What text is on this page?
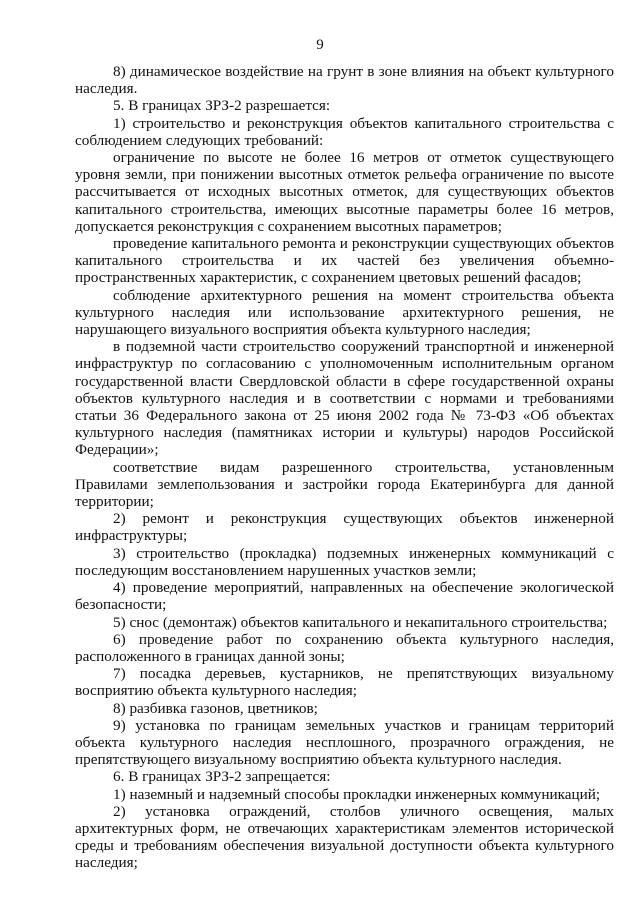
9

8) динамическое воздействие на грунт в зоне влияния на объект культурного наследия.

5. В границах ЗРЗ-2 разрешается:

1) строительство и реконструкция объектов капитального строительства с соблюдением следующих требований:

ограничение по высоте не более 16 метров от отметок существующего уровня земли, при понижении высотных отметок рельефа ограничение по высоте рассчитывается от исходных высотных отметок, для существующих объектов капитального строительства, имеющих высотные параметры более 16 метров, допускается реконструкция с сохранением высотных параметров;

проведение капитального ремонта и реконструкции существующих объектов капитального строительства и их частей без увеличения объемно-пространственных характеристик, с сохранением цветовых решений фасадов;

соблюдение архитектурного решения на момент строительства объекта культурного наследия или использование архитектурного решения, не нарушающего визуального восприятия объекта культурного наследия;

в подземной части строительство сооружений транспортной и инженерной инфраструктур по согласованию с уполномоченным исполнительным органом государственной власти Свердловской области в сфере государственной охраны объектов культурного наследия и в соответствии с нормами и требованиями статьи 36 Федерального закона от 25 июня 2002 года № 73-ФЗ «Об объектах культурного наследия (памятниках истории и культуры) народов Российской Федерации»;

соответствие видам разрешенного строительства, установленным Правилами землепользования и застройки города Екатеринбурга для данной территории;

2) ремонт и реконструкция существующих объектов инженерной инфраструктуры;

3) строительство (прокладка) подземных инженерных коммуникаций с последующим восстановлением нарушенных участков земли;

4) проведение мероприятий, направленных на обеспечение экологической безопасности;

5) снос (демонтаж) объектов капитального и некапитального строительства;

6) проведение работ по сохранению объекта культурного наследия, расположенного в границах данной зоны;

7) посадка деревьев, кустарников, не препятствующих визуальному восприятию объекта культурного наследия;

8) разбивка газонов, цветников;

9) установка по границам земельных участков и границам территорий объекта культурного наследия несплошного, прозрачного ограждения, не препятствующего визуальному восприятию объекта культурного наследия.

6. В границах ЗРЗ-2 запрещается:

1) наземный и надземный способы прокладки инженерных коммуникаций;

2) установка ограждений, столбов уличного освещения, малых архитектурных форм, не отвечающих характеристикам элементов исторической среды и требованиям обеспечения визуальной доступности объекта культурного наследия;
